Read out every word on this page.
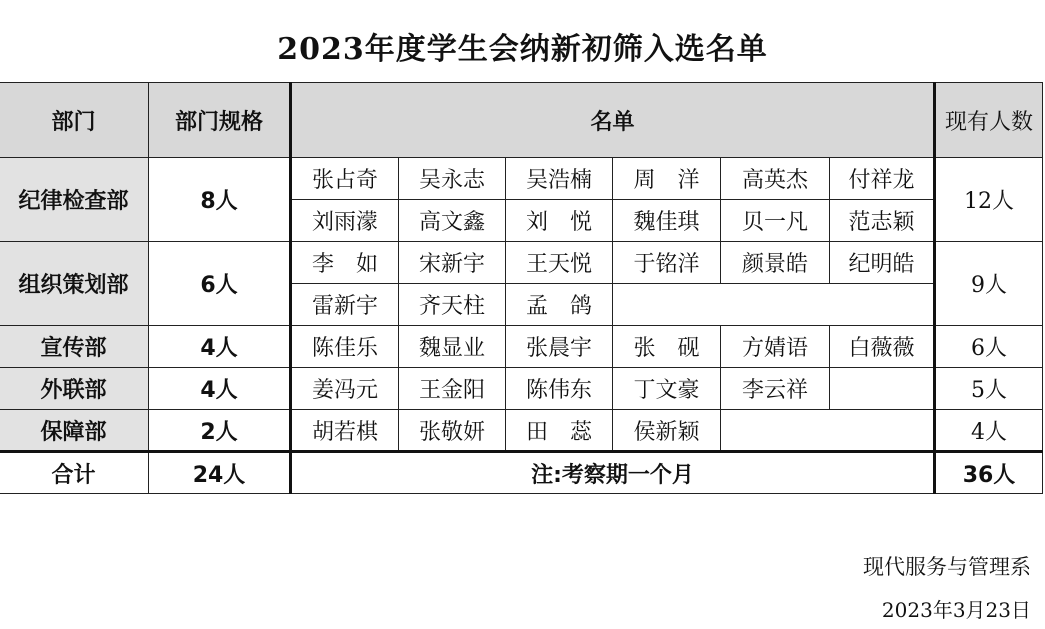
2023年度学生会纳新初筛入选名单
部门	部门规格	名单						现有人数
纪律检查部	8人	张占奇	吴永志	吴浩楠	周　洋	高英杰	付祥龙	12人
		刘雨濛	高文鑫	刘　悦	魏佳琪	贝一凡	范志颖	
组织策划部	6人	李　如	宋新宇	王天悦	于铭洋	颜景皓	纪明皓	9人
		雷新宇	齐天柱	孟　鸽				
宣传部	4人	陈佳乐	魏显业	张晨宇	张　砚	方婧语	白薇薇	6人
外联部	4人	姜冯元	王金阳	陈伟东	丁文豪	李云祥		5人
保障部	2人	胡若棋	张敬妍	田　蕊	侯新颖			4人
合计	24人	注:考察期一个月						36人
现代服务与管理系
2023年3月23日
